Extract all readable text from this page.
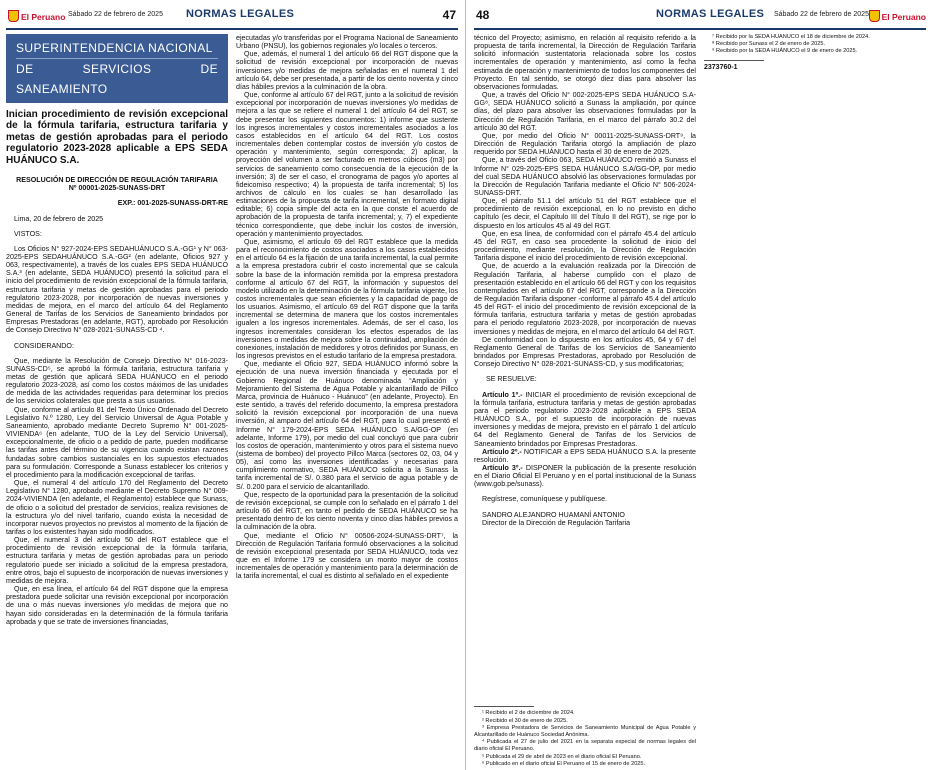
El Peruano Sábado 22 de febrero de 2025 NORMAS LEGALES	47
SUPERINTENDENCIA NACIONAL
DE SERVICIOS DE SANEAMIENTO
Inician procedimiento de revisión excepcional de la fórmula tarifaria, estructura tarifaria y metas de gestión aprobadas para el periodo regulatorio 2023-2028 aplicable a EPS SEDA HUÁNUCO S.A.

RESOLUCIÓN DE DIRECCIÓN DE REGULACIÓN TARIFARIA

Nº 00001-2025-SUNASS-DRT

EXP.: 001-2025-SUNASS-DRT-RE

Lima, 20 de febrero de 2025

VISTOS:

Los Oficios N° 927-2024-EPS SEDAHUÁNUCO S.A.-GG¹ y N° 063-2025-EPS SEDAHUÁNUCO S.A.-GG² (en adelante, Oficios 927 y 063, respectivamente), a través de los cuales EPS SEDA HUÁNUCO S.A.³ (en adelante, SEDA HUÁNUCO) presentó la solicitud para el inicio del procedimiento de revisión excepcional de la fórmula tarifaria, estructura tarifaria y metas de gestión aprobadas para el periodo regulatorio 2023-2028, por incorporación de nuevas inversiones y medidas de mejora, en el marco del artículo 64 del Reglamento General de Tarifas de los Servicios de Saneamiento brindados por Empresas Prestadoras (en adelante, RGT), aprobado por Resolución de Consejo Directivo N° 028-2021-SUNASS-CD ⁴.

CONSIDERANDO:

Que, mediante la Resolución de Consejo Directivo N° 016-2023-SUNASS-CD⁵, se aprobó la fórmula tarifaria, estructura tarifaria y metas de gestión que aplicará SEDA HUÁNUCO en el periodo regulatorio 2023-2028, así como los costos máximos de las unidades de medida de las actividades requeridas para determinar los precios de los servicios colaterales que presta a sus usuarios.

Que, conforme al artículo 81 del Texto Único Ordenado del Decreto Legislativo N.º 1280, Ley del Servicio Universal de Agua Potable y Saneamiento, aprobado mediante Decreto Supremo N° 001-2025-VIVIENDA⁶ (en adelante, TUO de la Ley del Servicio Universal), excepcionalmente, de oficio o a pedido de parte, pueden modificarse las tarifas antes del término de su vigencia cuando existan razones fundadas sobre cambios sustanciales en los supuestos efectuados para su formulación. Corresponde a Sunass establecer los criterios y el procedimiento para la modificación excepcional de tarifas.

Que, el numeral 4 del artículo 170 del Reglamento del Decreto Legislativo N° 1280, aprobado mediante el Decreto Supremo N° 009-2024-VIVIENDA (en adelante, el Reglamento) establece que Sunass, de oficio o a solicitud del prestador de servicios, realiza revisiones de la estructura y/o del nivel tarifario, cuando exista la necesidad de incorporar nuevos proyectos no previstos al momento de la fijación de tarifas o los existentes hayan sido modificados.

Que, el numeral 3 del artículo 50 del RGT establece que el procedimiento de revisión excepcional de la fórmula tarifaria, estructura tarifaria y metas de gestión aprobadas para un periodo regulatorio puede ser iniciado a solicitud de la empresa prestadora, entre otros, bajo el supuesto de incorporación de nuevas inversiones y medidas de mejora.

Que, en esa línea, el artículo 64 del RGT dispone que la empresa prestadora puede solicitar una revisión excepcional por incorporación de una o más nuevas inversiones y/o medidas de mejora que no hayan sido consideradas en la determinación de la fórmula tarifaria aprobada y que se trate de inversiones financiadas,

ejecutadas y/o transferidas por el Programa Nacional de Saneamiento Urbano (PNSU), los gobiernos regionales y/o locales o terceros.

Que, además, el numeral 1 del artículo 66 del RGT dispone que la solicitud de revisión excepcional por incorporación de nuevas inversiones y/o medidas de mejora señaladas en el numeral 1 del artículo 64, debe ser presentada, a partir de los ciento noventa y cinco días hábiles previos a la culminación de la obra.

Que, conforme al artículo 67 del RGT, junto a la solicitud de revisión excepcional por incorporación de nuevas inversiones y/o medidas de mejora a las que se refiere el numeral 1 del artículo 64 del RGT, se debe presentar los siguientes documentos: 1) informe que sustente los ingresos incrementales y costos incrementales asociados a los casos establecidos en el artículo 64 del RGT. Los costos incrementales deben contemplar costos de inversión y/o costos de operación y mantenimiento, según corresponda; 2) aplicar, la proyección del volumen a ser facturado en metros cúbicos (m3) por servicios de saneamiento como consecuencia de la ejecución de la inversión; 3) de ser el caso, el cronograma de pagos y/o aportes al fideicomiso respectivo; 4) la propuesta de tarifa incremental; 5) los archivos de cálculo en los cuales se han desarrollado las estimaciones de la propuesta de tarifa incremental, en formato digital editable; 6) copia simple del acta en la que conste el acuerdo de aprobación de la propuesta de tarifa incremental; y, 7) el expediente técnico correspondiente, que debe incluir los costos de inversión, operación y mantenimiento proyectados.

Que, asimismo, el artículo 69 del RGT establece que la medida para el reconocimiento de costos asociados a los casos establecidos en el artículo 64 es la fijación de una tarifa incremental, la cual permite a la empresa prestadora cubrir el costo incremental que se calcula sobre la base de la información remitida por la empresa prestadora conforme al artículo 67 del RGT, la información y supuestos del modelo utilizado en la determinación de la fórmula tarifaria vigente, los costos incrementales que sean eficientes y la capacidad de pago de los usuarios. Asimismo, el artículo 69 del RGT dispone que la tarifa incremental se determina de manera que los costos incrementales igualen a los ingresos incrementales. Además, de ser el caso, los ingresos incrementales consideran los efectos esperados de las inversiones o medidas de mejora sobre la continuidad, ampliación de conexiones, instalación de medidores y otros definidos por Sunass, en los ingresos previstos en el estudio tarifario de la empresa prestadora.

Que, mediante el Oficio 927, SEDA HUÁNUCO informó sobre la ejecución de una nueva inversión financiada y ejecutada por el Gobierno Regional de Huánuco denominada “Ampliación y Mejoramiento del Sistema de Agua Potable y alcantarillado de Pillco Marca, provincia de Huánuco - Huánuco” (en adelante, Proyecto). En este sentido, a través del referido documento, la empresa prestadora solicitó la revisión excepcional por incorporación de una nueva inversión, al amparo del artículo 64 del RGT, para lo cual presentó el Informe N° 179-2024-EPS SEDA HUÁNUCO S.A/GG-OP (en adelante, Informe 179), por medio del cual concluyó que para cubrir los costos de operación, mantenimiento y otros para el sistema nuevo (sistema de bombeo) del proyecto Pillco Marca (sectores 02, 03, 04 y 05), así como las inversiones identificadas y necesarias para cumplimiento normativo, SEDA HUÁNUCO solicita a la Sunass la tarifa incremental de S/. 0.380 para el servicio de agua potable y de S/. 0.200 para el servicio de alcantarillado.

Que, respecto de la oportunidad para la presentación de la solicitud de revisión excepcional, se cumple con lo señalado en el párrafo 1 del artículo 66 del RGT, en tanto el pedido de SEDA HUÁNUCO se ha presentado dentro de los ciento noventa y cinco días hábiles previos a la culminación de la obra.

Que, mediante el Oficio N° 00506-2024-SUNASS-DRT⁷, la Dirección de Regulación Tarifaria formuló observaciones a la solicitud de revisión excepcional presentada por SEDA HUÁNUCO, toda vez que en el Informe 179 se considera un monto mayor de costos incrementales de operación y mantenimiento para la determinación de la tarifa incremental, el cual es distinto al señalado en el expediente

48	NORMAS LEGALES Sábado 22 de febrero de 2025	El Peruano

técnico del Proyecto; asimismo, en relación al requisito referido a la propuesta de tarifa incremental, la Dirección de Regulación Tarifaria solicitó información sustentatoria relacionada sobre los costos incrementales de operación y mantenimiento, así como la fecha estimada de operación y mantenimiento de todos los componentes del Proyecto. En tal sentido, se otorgó diez días para absolver las observaciones formuladas.

Que, a través del Oficio N° 002-2025-EPS SEDA HUÁNUCO S.A-GG⁸, SEDA HUÁNUCO solicitó a Sunass la ampliación, por quince días, del plazo para absolver las observaciones formuladas por la Dirección de Regulación Tarifaria, en el marco del párrafo 30.2 del artículo 30 del RGT.

Que, por medio del Oficio N° 00011-2025-SUNASS-DRT⁹, la Dirección de Regulación Tarifaria otorgó la ampliación de plazo requerido por SEDA HUÁNUCO hasta el 30 de enero de 2025.

Que, a través del Oficio 063, SEDA HUÁNUCO remitió a Sunass el Informe N° 029-2025-EPS SEDA HUÁNUCO S.A/GG-OP, por medio del cual SEDA HUÁNUCO absolvió las observaciones formuladas por la Dirección de Regulación Tarifaria mediante el Oficio N° 506-2024-SUNASS-DRT.

Que, el párrafo 51.1 del artículo 51 del RGT establece que el procedimiento de revisión excepcional, en lo no previsto en dicho capítulo (es decir, el Capítulo III del Título II del RGT), se rige por lo dispuesto en los artículos 45 al 49 del RGT.

Que, en esa línea, de conformidad con el párrafo 45.4 del artículo 45 del RGT, en caso sea procedente la solicitud de inicio del procedimiento, mediante resolución, la Dirección de Regulación Tarifaria dispone el inicio del procedimiento de revisión excepcional.

Que, de acuerdo a la evaluación realizada por la Dirección de Regulación Tarifaria, al haberse cumplido con el plazo de presentación establecido en el artículo 66 del RGT y con los requisitos contemplados en el artículo 67 del RGT, corresponde a la Dirección de Regulación Tarifaria disponer -conforme al párrafo 45.4 del artículo 45 del RGT- el inicio del procedimiento de revisión excepcional de la fórmula tarifaria, estructura tarifaria y metas de gestión aprobadas para el periodo regulatorio 2023-2028, por incorporación de nuevas inversiones y medidas de mejora, en el marco del artículo 64 del RGT.

De conformidad con lo dispuesto en los artículos 45, 64 y 67 del Reglamento General de Tarifas de los Servicios de Saneamiento brindados por Empresas Prestadoras, aprobado por Resolución de Consejo Directivo N° 028-2021-SUNASS-CD, y sus modificatorias;

SE RESUELVE:

Artículo 1º.- INICIAR el procedimiento de revisión excepcional de la fórmula tarifaria, estructura tarifaria y metas de gestión aprobadas para el periodo regulatorio 2023-2028 aplicable a EPS SEDA HUÁNUCO S.A., por el supuesto de incorporación de nuevas inversiones y medidas de mejora, previsto en el párrafo 1 del artículo 64 del Reglamento General de Tarifas de los Servicios de Saneamiento brindados por Empresas Prestadoras.

Artículo 2º.- NOTIFICAR a EPS SEDA HUÁNUCO S.A. la presente resolución.

Artículo 3º.- DISPONER la publicación de la presente resolución en el Diario Oficial El Peruano y en el portal institucional de la Sunass (www.gob.pe/sunass).

Regístrese, comuníquese y publíquese.

SANDRO ALEJANDRO HUAMANÍ ANTONIO

Director de la Dirección de Regulación Tarifaria

¹ Recibido el 2 de diciembre de 2024.

² Recibido el 30 de enero de 2025.

³ Empresa Prestadora de Servicios de Saneamiento Municipal de Agua Potable y Alcantarillado de Huánuco Sociedad Anónima.

⁴ Publicada el 27 de julio del 2021 en la separata especial de normas legales del diario oficial El Peruano.

⁵ Publicada el 29 de abril de 2023 en el diario oficial El Peruano.

⁶ Publicado en el diario oficial El Peruano el 15 de enero de 2025.

⁷ Recibido por la SEDA HUÁNUCO el 18 de diciembre de 2024.

⁸ Recibido por Sunass el 2 de enero de 2025.

⁹ Recibido por la SEDA HUÁNUCO el 9 de enero de 2025.

2373760-1
